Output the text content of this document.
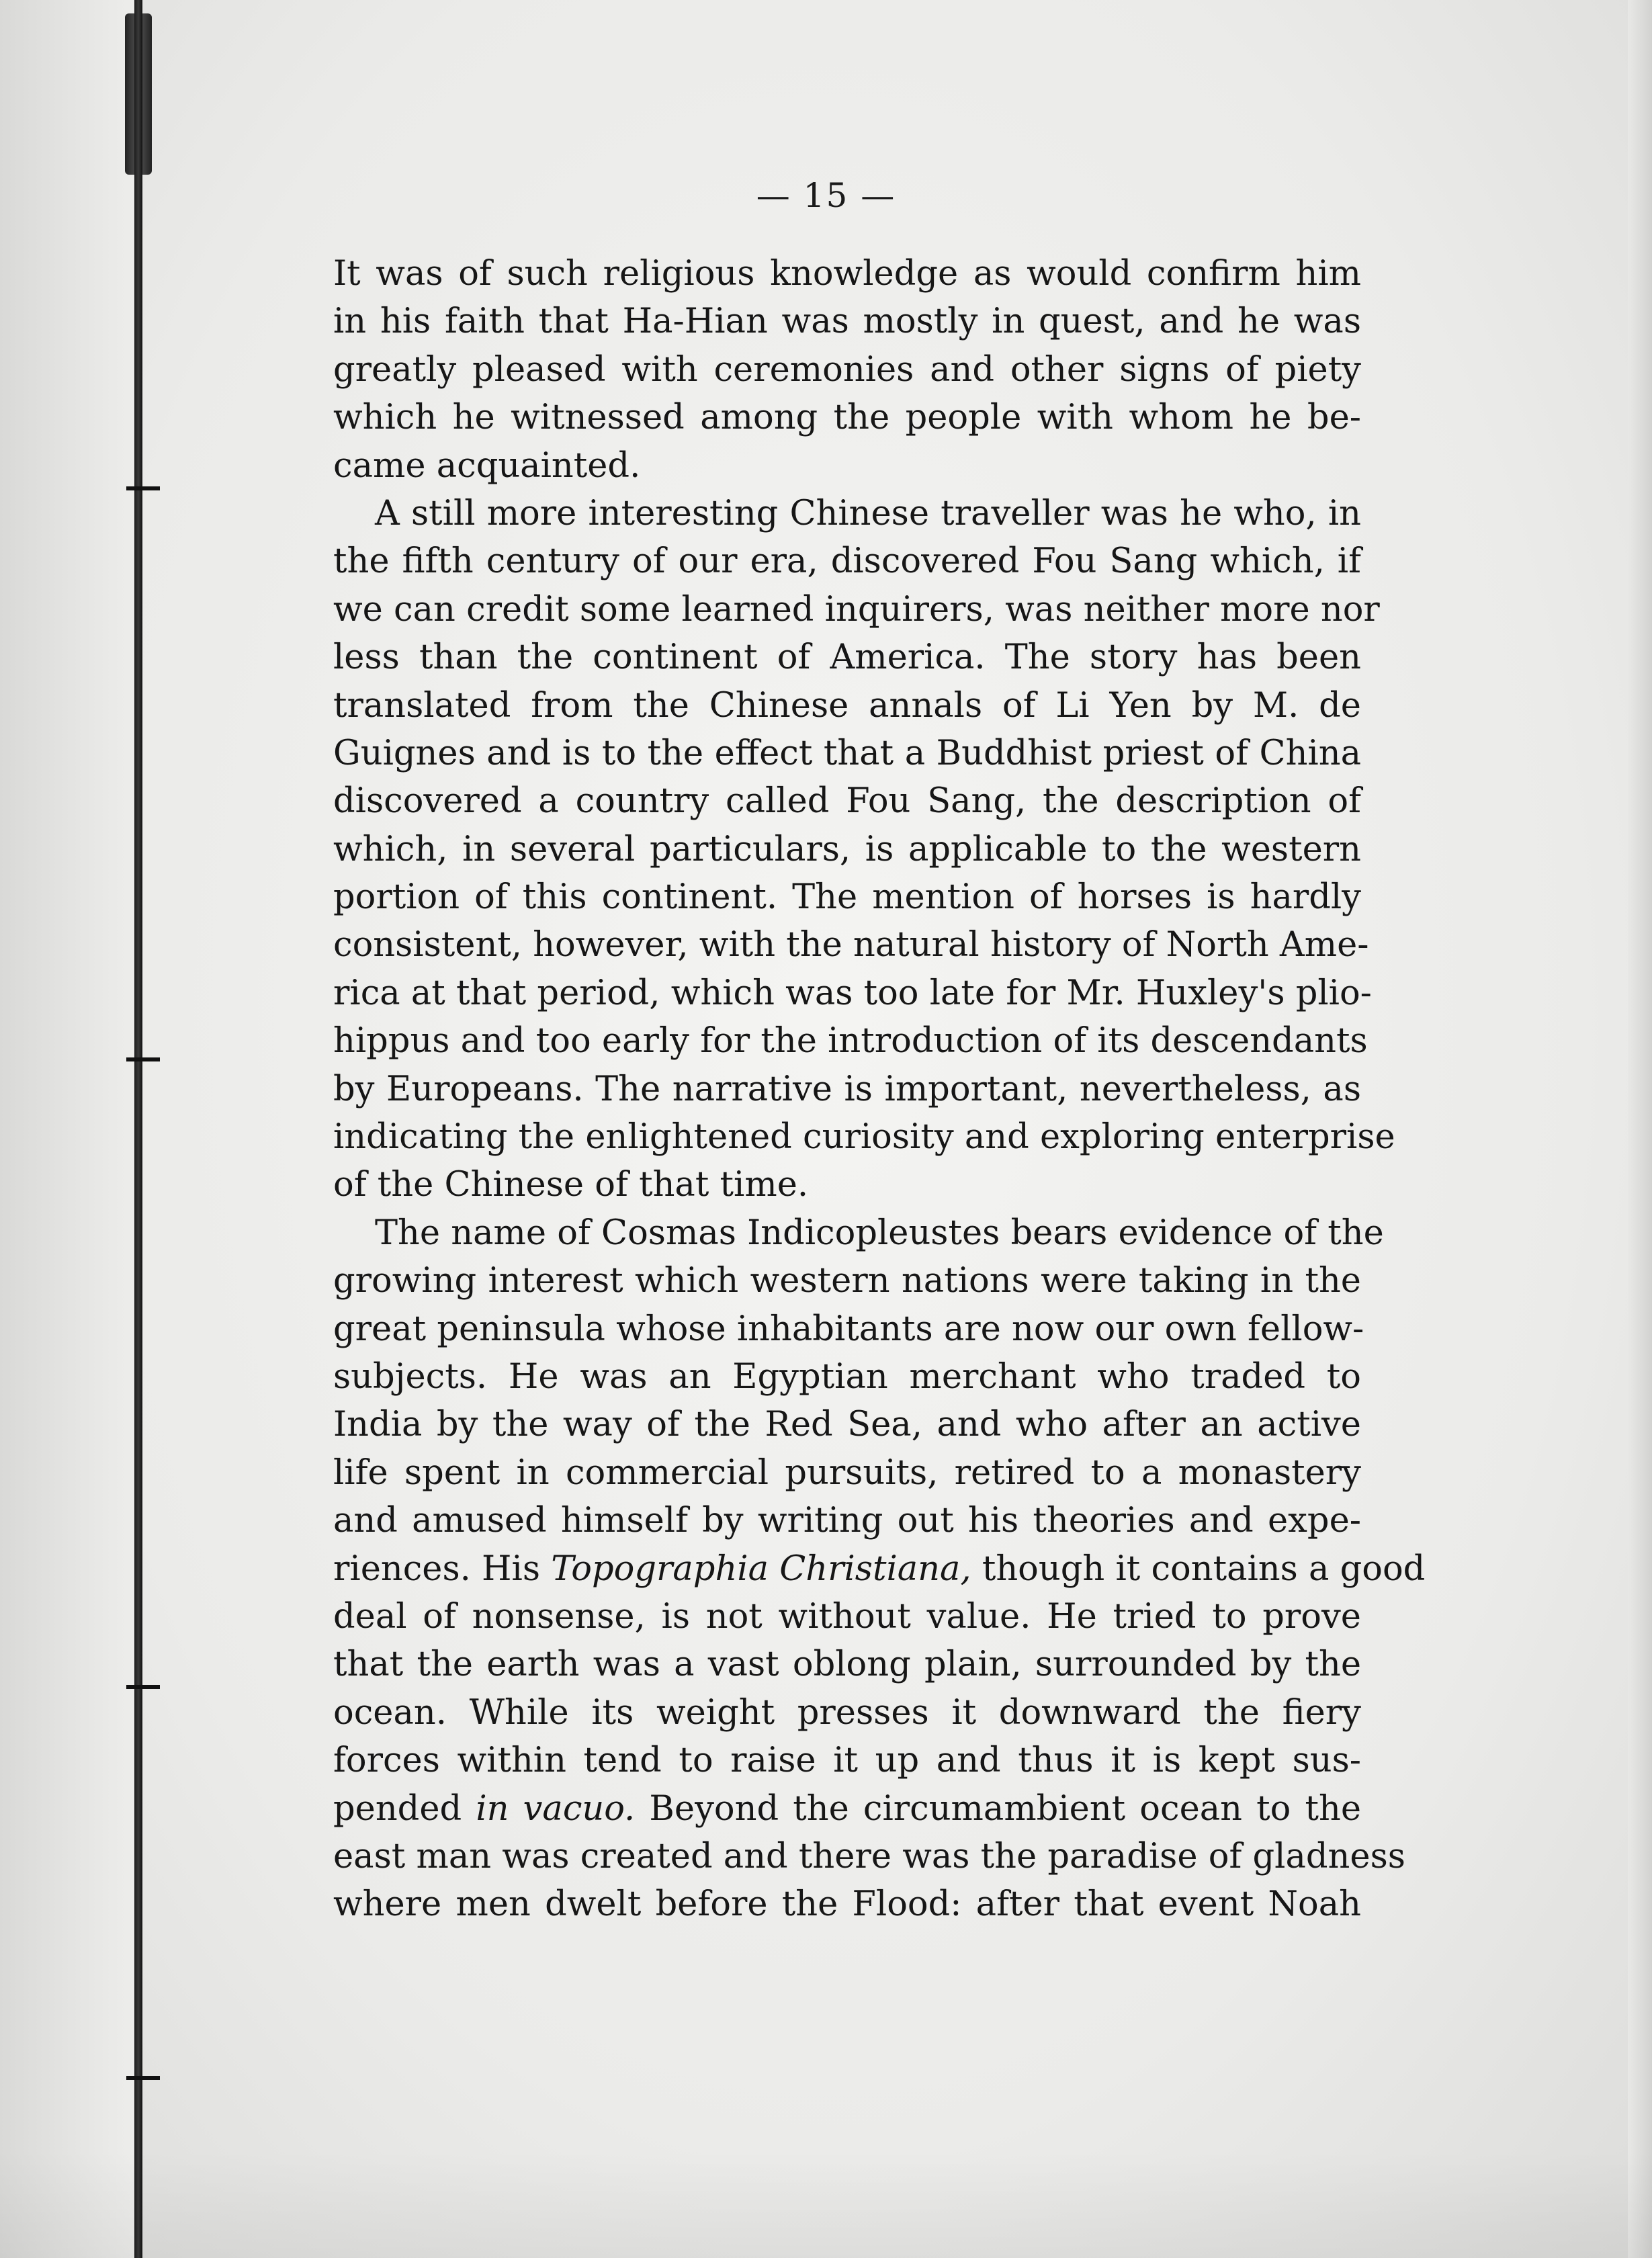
— 15 —
It was of such religious knowledge as would confirm him
in his faith that Ha-Hian was mostly in quest, and he was
greatly pleased with ceremonies and other signs of piety
which he witnessed among the people with whom he be-
came acquainted.
A still more interesting Chinese traveller was he who, in
the fifth century of our era, discovered Fou Sang which, if
we can credit some learned inquirers, was neither more nor
less than the continent of America. The story has been
translated from the Chinese annals of Li Yen by M. de
Guignes and is to the effect that a Buddhist priest of China
discovered a country called Fou Sang, the description of
which, in several particulars, is applicable to the western
portion of this continent. The mention of horses is hardly
consistent, however, with the natural history of North Ame-
rica at that period, which was too late for Mr. Huxley's plio-
hippus and too early for the introduction of its descendants
by Europeans. The narrative is important, nevertheless, as
indicating the enlightened curiosity and exploring enterprise
of the Chinese of that time.
The name of Cosmas Indicopleustes bears evidence of the
growing interest which western nations were taking in the
great peninsula whose inhabitants are now our own fellow-
subjects. He was an Egyptian merchant who traded to
India by the way of the Red Sea, and who after an active
life spent in commercial pursuits, retired to a monastery
and amused himself by writing out his theories and expe-
riences. His Topographia Christiana, though it contains a good
deal of nonsense, is not without value. He tried to prove
that the earth was a vast oblong plain, surrounded by the
ocean. While its weight presses it downward the fiery
forces within tend to raise it up and thus it is kept sus-
pended in vacuo. Beyond the circumambient ocean to the
east man was created and there was the paradise of gladness
where men dwelt before the Flood: after that event Noah
